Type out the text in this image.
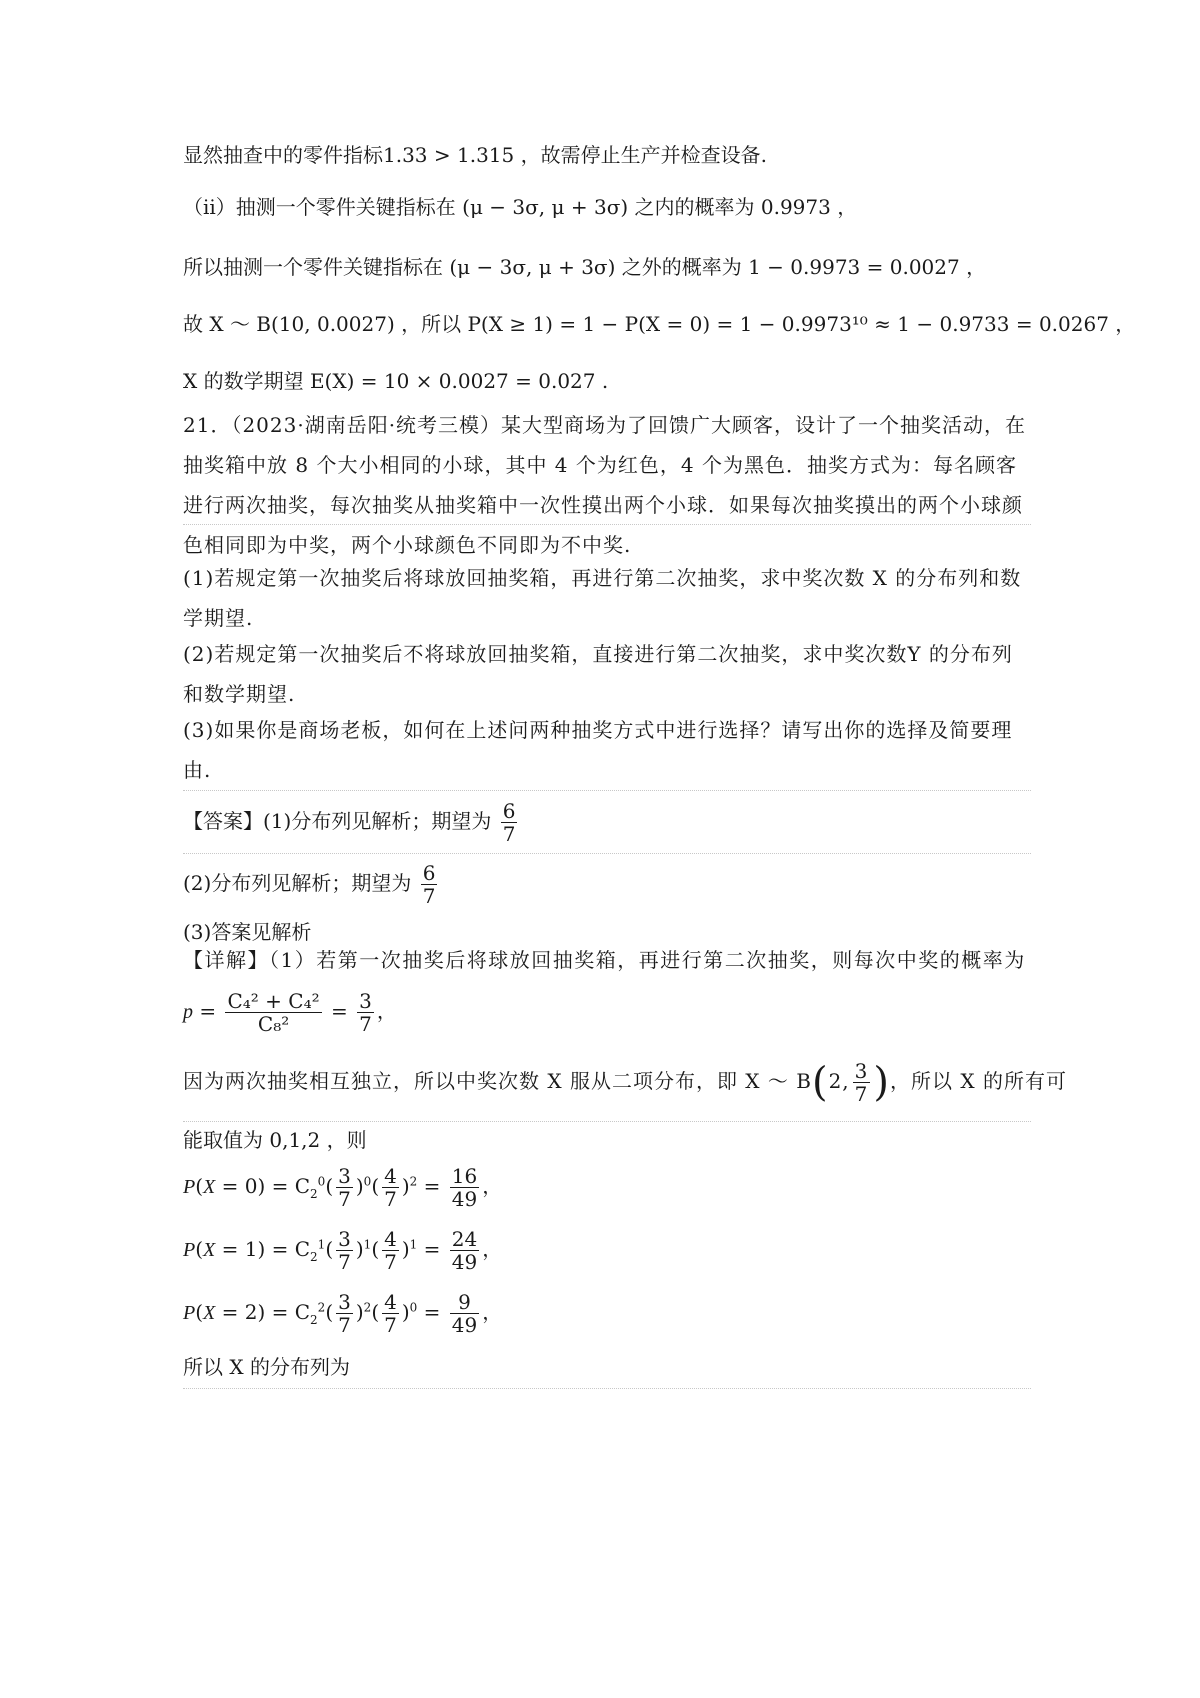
显然抽查中的零件指标1.33 > 1.315 ，故需停止生产并检查设备.
（ii）抽测一个零件关键指标在 (μ − 3σ, μ + 3σ) 之内的概率为 0.9973 ，
所以抽测一个零件关键指标在 (μ − 3σ, μ + 3σ) 之外的概率为 1 − 0.9973 = 0.0027 ，
故 X ～ B(10, 0.0027) ，所以 P(X ≥ 1) = 1 − P(X = 0) = 1 − 0.9973¹⁰ ≈ 1 − 0.9733 = 0.0267 ，
X 的数学期望 E(X) = 10 × 0.0027 = 0.027 .
21．（2023·湖南岳阳·统考三模）某大型商场为了回馈广大顾客，设计了一个抽奖活动，在抽奖箱中放 8 个大小相同的小球，其中 4 个为红色，4 个为黑色．抽奖方式为：每名顾客进行两次抽奖，每次抽奖从抽奖箱中一次性摸出两个小球．如果每次抽奖摸出的两个小球颜色相同即为中奖，两个小球颜色不同即为不中奖.
(1)若规定第一次抽奖后将球放回抽奖箱，再进行第二次抽奖，求中奖次数 X 的分布列和数学期望.
(2)若规定第一次抽奖后不将球放回抽奖箱，直接进行第二次抽奖，求中奖次数Y 的分布列和数学期望.
(3)如果你是商场老板，如何在上述问两种抽奖方式中进行选择？请写出你的选择及简要理由.
【答案】(1)分布列见解析；期望为 $\frac{6}{7}$
(2)分布列见解析；期望为 $\frac{6}{7}$
(3)答案见解析
【详解】（1）若第一次抽奖后将球放回抽奖箱，再进行第二次抽奖，则每次中奖的概率为
$p = \frac{\text{C₄² + C₄²}}{\text{C₈²}} = \frac{3}{7}$ ，
因为两次抽奖相互独立，所以中奖次数 X 服从二项分布，即 X ～ B(2, $\frac{3}{7}$ )，所以 X 的所有可
能取值为 0,1,2 ，则
$P(X = 0) = C_2^0( \frac{3}{7} )^0( \frac{4}{7} )^2 = \frac{16}{49}$ ，
$P(X = 1) = C_2^1( \frac{3}{7} )^1( \frac{4}{7} )^1 = \frac{24}{49}$ ，
$P(X = 2) = C_2^2( \frac{3}{7} )^2( \frac{4}{7} )^0 = \frac{9}{49}$ ，
所以 X 的分布列为
